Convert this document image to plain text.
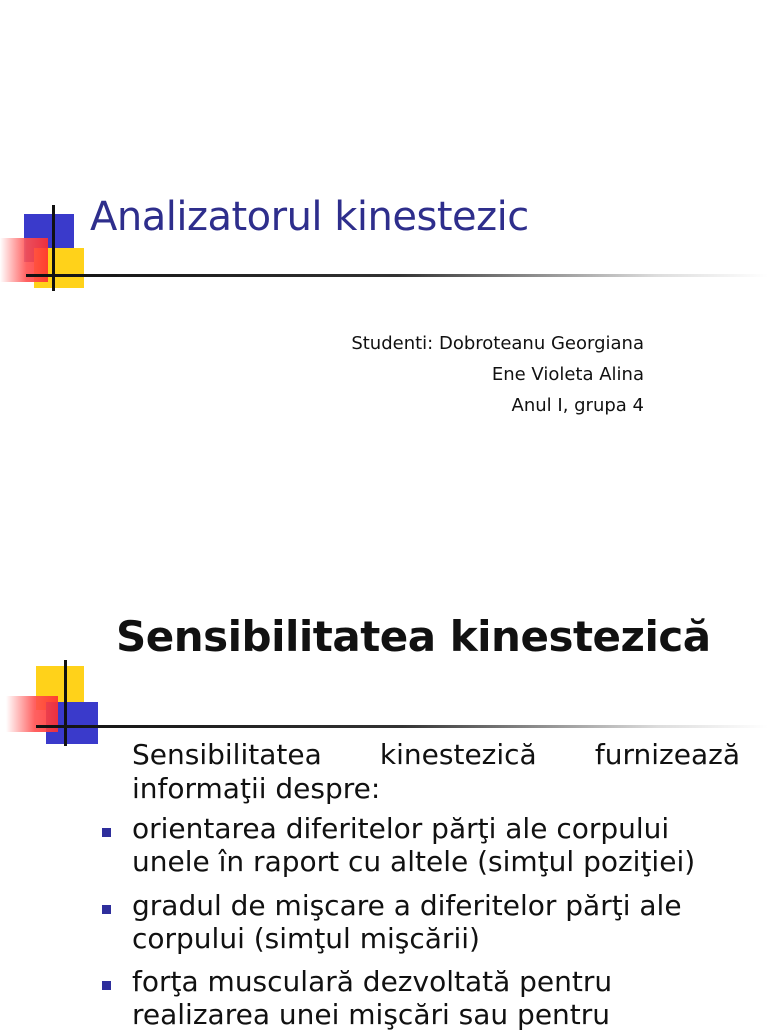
Analizatorul kinestezic
Studenti: Dobroteanu Georgiana
Ene Violeta Alina
Anul I, grupa 4
Sensibilitatea kinestezică
Sensibilitatea kinestezică furnizează
informaţii despre:
orientarea diferitelor părţi ale corpului
unele în raport cu altele (simţul poziţiei)
gradul de mişcare a diferitelor părţi ale
corpului (simţul mişcării)
forţa musculară dezvoltată pentru
realizarea unei mişcări sau pentru
